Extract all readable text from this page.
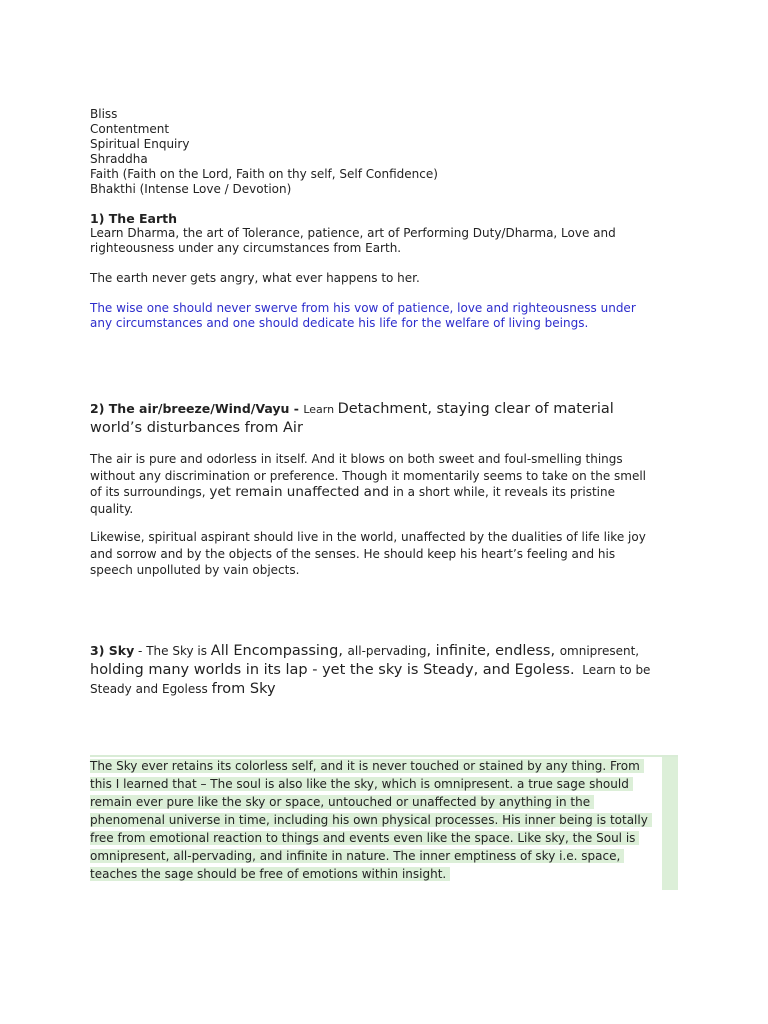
Bliss
Contentment
Spiritual Enquiry
Shraddha
Faith (Faith on the Lord, Faith on thy self, Self Confidence)
Bhakthi (Intense Love / Devotion)
1) The Earth
Learn Dharma, the art of Tolerance, patience, art of Performing Duty/Dharma, Love and
righteousness under any circumstances from Earth.
The earth never gets angry, what ever happens to her.
The wise one should never swerve from his vow of patience, love and righteousness under
any circumstances and one should dedicate his life for the welfare of living beings.
2) The air/breeze/Wind/Vayu - Learn Detachment, staying clear of material
world’s disturbances from Air
The air is pure and odorless in itself. And it blows on both sweet and foul-smelling things
without any discrimination or preference. Though it momentarily seems to take on the smell
of its surroundings, yet remain unaffected and in a short while, it reveals its pristine
quality.
Likewise, spiritual aspirant should live in the world, unaffected by the dualities of life like joy
and sorrow and by the objects of the senses. He should keep his heart’s feeling and his
speech unpolluted by vain objects.
3) Sky - The Sky is All Encompassing, all-pervading, infinite, endless, omnipresent,
holding many worlds in its lap - yet the sky is Steady, and Egoless.  Learn to be
Steady and Egoless from Sky
The Sky ever retains its colorless self, and it is never touched or stained by any thing. From
this I learned that – The soul is also like the sky, which is omnipresent. a true sage should
remain ever pure like the sky or space, untouched or unaffected by anything in the
phenomenal universe in time, including his own physical processes. His inner being is totally
free from emotional reaction to things and events even like the space. Like sky, the Soul is
omnipresent, all-pervading, and infinite in nature. The inner emptiness of sky i.e. space,
teaches the sage should be free of emotions within insight.
